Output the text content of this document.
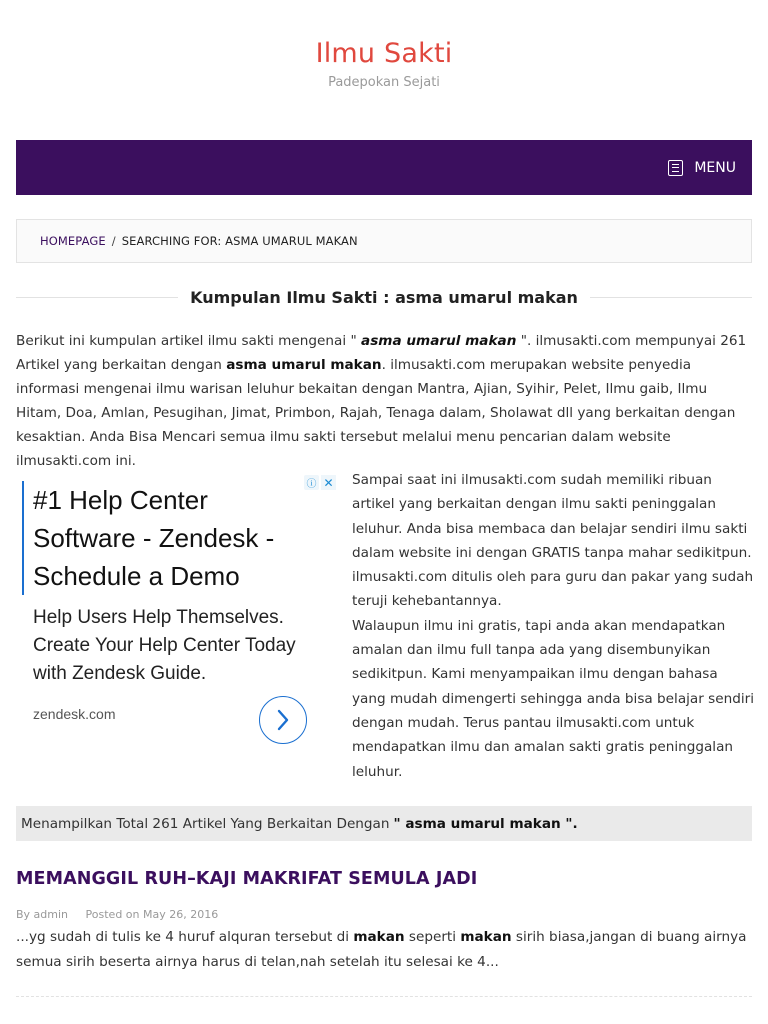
Ilmu Sakti

Padepokan Sejati

MENU
HOMEPAGE / SEARCHING FOR: ASMA UMARUL MAKAN
Kumpulan Ilmu Sakti : asma umarul makan

Berikut ini kumpulan artikel ilmu sakti mengenai " asma umarul makan ". ilmusakti.com mempunyai 261 Artikel yang berkaitan dengan asma umarul makan. ilmusakti.com merupakan website penyedia informasi mengenai ilmu warisan leluhur bekaitan dengan Mantra, Ajian, Syihir, Pelet, Ilmu gaib, Ilmu Hitam, Doa, Amlan, Pesugihan, Jimat, Primbon, Rajah, Tenaga dalam, Sholawat dll yang berkaitan dengan kesaktian. Anda Bisa Mencari semua ilmu sakti tersebut melalui menu pencarian dalam website ilmusakti.com ini.

ⓘ ✕
#1 Help Center Software - Zendesk - Schedule a Demo
Help Users Help Themselves. Create Your Help Center Today with Zendesk Guide.
zendesk.com

Sampai saat ini ilmusakti.com sudah memiliki ribuan artikel yang berkaitan dengan ilmu sakti peninggalan leluhur. Anda bisa membaca dan belajar sendiri ilmu sakti dalam website ini dengan GRATIS tanpa mahar sedikitpun. ilmusakti.com ditulis oleh para guru dan pakar yang sudah teruji kehebantannya.

Walaupun ilmu ini gratis, tapi anda akan mendapatkan amalan dan ilmu full tanpa ada yang disembunyikan sedikitpun. Kami menyampaikan ilmu dengan bahasa yang mudah dimengerti sehingga anda bisa belajar sendiri dengan mudah. Terus pantau ilmusakti.com untuk mendapatkan ilmu dan amalan sakti gratis peninggalan leluhur.

Menampilkan Total 261 Artikel Yang Berkaitan Dengan " asma umarul makan ".
MEMANGGIL RUH–KAJI MAKRIFAT SEMULA JADI
By admin Posted on May 26, 2016

...yg sudah di tulis ke 4 huruf alquran tersebut di makan seperti makan sirih biasa,jangan di buang airnya semua sirih beserta airnya harus di telan,nah setelah itu selesai ke 4...
